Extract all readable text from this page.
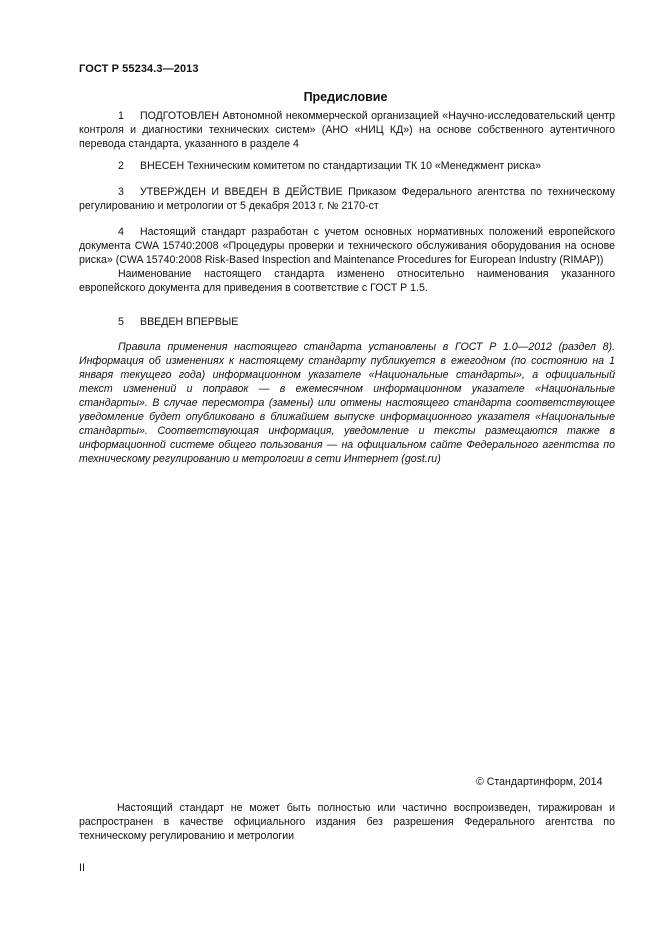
ГОСТ Р 55234.3—2013
Предисловие

1 ПОДГОТОВЛЕН Автономной некоммерческой организацией «Научно-исследовательский центр контроля и диагностики технических систем» (АНО «НИЦ КД») на основе собственного аутентичного перевода стандарта, указанного в разделе 4

2 ВНЕСЕН Техническим комитетом по стандартизации ТК 10 «Менеджмент риска»

3 УТВЕРЖДЕН И ВВЕДЕН В ДЕЙСТВИЕ Приказом Федерального агентства по техническому регулированию и метрологии от 5 декабря 2013 г. № 2170-ст

4 Настоящий стандарт разработан с учетом основных нормативных положений европейского документа CWA 15740:2008 «Процедуры проверки и технического обслуживания оборудования на основе риска» (CWA 15740:2008 Risk-Based Inspection and Maintenance Procedures for European Industry (RIMAP))

Наименование настоящего стандарта изменено относительно наименования указанного европейского документа для приведения в соответствие с ГОСТ Р 1.5.

5 ВВЕДЕН ВПЕРВЫЕ

Правила применения настоящего стандарта установлены в ГОСТ Р 1.0—2012 (раздел 8). Информация об изменениях к настоящему стандарту публикуется в ежегодном (по состоянию на 1 января текущего года) информационном указателе «Национальные стандарты», а официальный текст изменений и поправок — в ежемесячном информационном указателе «Национальные стандарты». В случае пересмотра (замены) или отмены настоящего стандарта соответствующее уведомление будет опубликовано в ближайшем выпуске информационного указателя «Национальные стандарты». Соответствующая информация, уведомление и тексты размещаются также в информационной системе общего пользования — на официальном сайте Федерального агентства по техническому регулированию и метрологии в сети Интернет (gost.ru)

© Стандартинформ, 2014
Настоящий стандарт не может быть полностью или частично воспроизведен, тиражирован и распространен в качестве официального издания без разрешения Федерального агентства по техническому регулированию и метрологии
II
